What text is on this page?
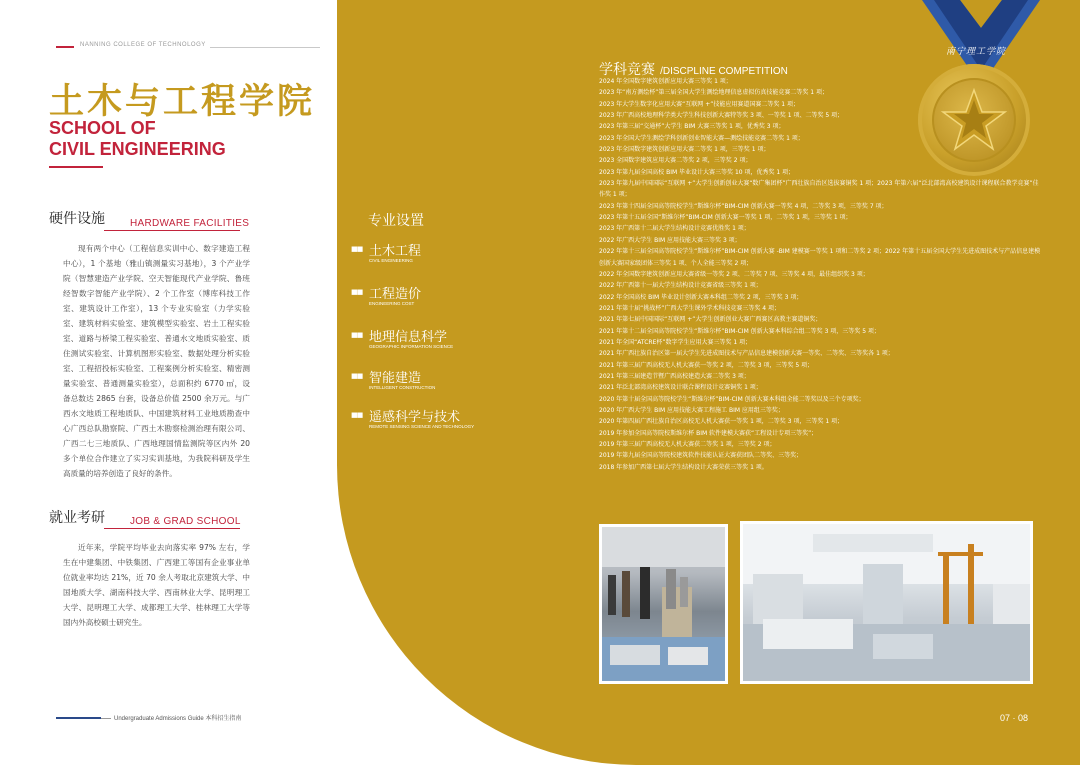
NANNING COLLEGE OF TECHNOLOGY
土木与工程学院
SCHOOL OF
CIVIL ENGINEERING
硬件设施	HARDWARE FACILITIES

现有两个中心（工程信息实训中心、数字建造工程中心），1 个基地（雅山镇测量实习基地），3 个产业学院（智慧建造产业学院、空天智能现代产业学院、鲁班经智数字智能产业学院）、2 个工作室（博库科技工作室、建筑设计工作室），13 个专业实验室（力学实验室、建筑材料实验室、建筑模型实验室、岩土工程实验室、道路与桥梁工程实验室、普通水文地质实验室、质住测试实验室、计算机图形实验室、数据处理分析实验室、工程招投标实验室、工程案例分析实验室、精密测量实验室、普通测量实验室），总面积约 6770 ㎡，设备总数达 2865 台套，设备总价值 2500 余万元。与广西水文地质工程地质队、中国建筑材料工业地质勘查中心广西总队勘察院、广西土木勘察检测治理有限公司、广西二七三地质队、广西地理国情监测院等区内外 20 多个单位合作建立了实习实训基地，为我院科研及学生高质量的培养创造了良好的条件。

就业考研	JOB & GRAD SCHOOL

近年来，学院平均毕业去向落实率 97% 左右，学生在中建集团、中铁集团、广西建工等国有企业事业单位就业率均达 21%，近 70 余人考取北京建筑大学、中国地质大学、湖南科技大学、西南林业大学、昆明理工大学、昆明理工大学、成都理工大学、桂林理工大学等国内外高校硕士研究生。

Undergraduate Admissions Guide 本科招生指南
南宁理工学院
专业设置
■■ 土木工程
CIVIL ENGINEERING
■■ 工程造价
ENGINEERING COST
■■ 地理信息科学
GEOGRAPHIC INFORMATION SCIENCE
■■ 智能建造
INTELLIGENT CONSTRUCTION
■■ 遥感科学与技术
REMOTE SENSING SCIENCE AND TECHNOLOGY
学科竞赛 /DISCPLINE COMPETITION
2024 年全国数字建筑创新应用大赛三等奖 1 项；
2023 年“南方测绘杯”第三届全国大学生测绘地理信息虚拟仿真技能竞赛二等奖 1 项；
2023 年大学生数字化应用大赛“互联网 +”技能应用赛道国赛二等奖 1 项；
2023 年广西高校地理科学类大学生科技创新大赛特等奖 3 项、一等奖 1 项、二等奖 5 项；
2023 年第三届“交通杯”大学生 BIM 大赛三等奖 1 项，优秀奖 3 项；
2023 年全国大学生测绘学科创新创业智能大赛—测绘技能竞赛二等奖 1 项；
2023 年全国数字建筑创新应用大赛二等奖 1 项，三等奖 1 项；
2023 全国数字建筑应用大赛二等奖 2 项，三等奖 2 项；
2023 年第九届全国高校 BIM 毕业设计大赛三等奖 10 项，优秀奖 1 项；
2023 年第九届中国国际“互联网 +”大学生创新创业大赛“数广集团杯”广西壮族自治区选拔赛铜奖 1 项；2023 年第六届“泛北部湾高校建筑设计课程联合教学竞赛”佳作奖 1 项；
2023 年第十四届全国高等院校学生“斯维尔杯”BIM-CIM 创新大赛一等奖 4 项，二等奖 3 项，三等奖 7 项；
2023 年第十五届全国“斯维尔杯”BIM-CIM 创新大赛一等奖 1 项，二等奖 1 项，三等奖 1 项；
2023 年广西第十二届大学生结构设计竞赛优胜奖 1 项；
2022 年广西大学生 BIM 应用技能大赛三等奖 3 项；
2022 年第十三届全国高等院校学生“斯维尔杯”BIM-CIM 创新大赛 -BIM 建模赛一等奖 1 项和二等奖 2 项；2022 年第十五届全国大学生先进成图技术与产品信息建模创新大赛国家级团体三等奖 1 项、个人全能三等奖 2 项；
2022 年全国数字建筑创新应用大赛省级一等奖 2 项、二等奖 7 项、三等奖 4 项，最佳组织奖 3 项；
2022 年广西第十一届大学生结构设计竞赛省级三等奖 1 项；
2022 年全国高校 BIM 毕业设计创新大赛本科组二等奖 2 项，三等奖 3 项；
2021 年第十届“挑战杯”广西大学生课外学术科技竞赛三等奖 4 项；
2021 年第七届中国国际“互联网 +”大学生创新创业大赛广西赛区高教主赛道铜奖；
2021 年第十二届全国高等院校学生“斯维尔杯”BIM-CIM 创新大赛本科综合组二等奖 3 项，三等奖 5 项；
2021 年全国“ATCRE杯”数字学生应用大赛三等奖 1 项；
2021 年广西壮族自治区第一届大学生先进成图技术与产品信息建模创新大赛一等奖、二等奖、三等奖各 1 项；
2021 年第三届广西高校无人机大赛获一等奖 2 项，二等奖 3 项，三等奖 5 项；
2021 年第三届建造节暨广西高校建造大赛二等奖 3 项；
2021 年泛北部湾高校建筑设计联合课程设计竞赛铜奖 1 项；
2020 年第十届全国高等院校学生“斯维尔杯”BIM-CIM 创新大赛本科组全能二等奖以及三个专项奖；
2020 年广西大学生 BIM 应用技能大赛工程施工 BIM 应用组三等奖；
2020 年第四届广西壮族自治区高校无人机大赛获一等奖 1 项，二等奖 3 项，三等奖 1 项；
2019 年参加全国高等院校斯维尔杯 BIM 软件建模大赛获“工程设计专项三等奖”；
2019 年第三届广西高校无人机大赛获二等奖 1 项，三等奖 2 项；
2019 年第九届全国高等院校建筑软件技能认证大赛获团队二等奖、三等奖；
2018 年参加广西第七届大学生结构设计大赛荣获三等奖 1 项。
07 · 08
